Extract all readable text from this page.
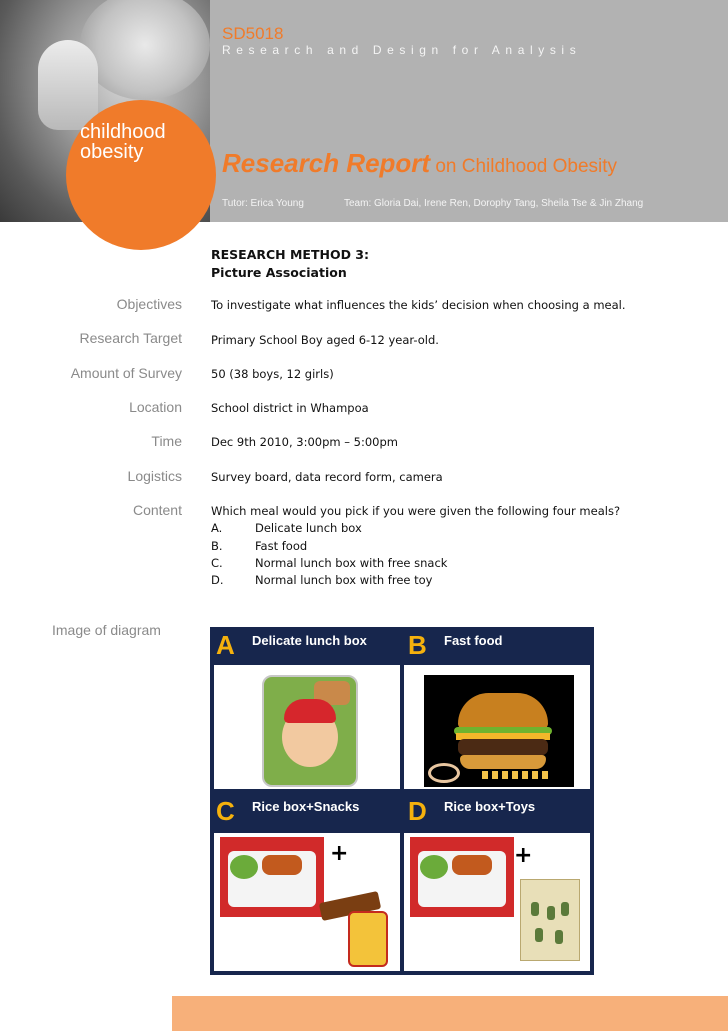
childhood
obesity
SD5018
Research and Design for Analysis
Research Report on Childhood Obesity
Tutor: Erica Young	Team: Gloria Dai, Irene Ren, Dorophy Tang, Sheila Tse & Jin Zhang
RESEARCH METHOD 3:
Picture Association
Objectives	To investigate what influences the kids’ decision when choosing a meal.
Research Target	Primary School Boy aged 6-12 year-old.
Amount of Survey	50 (38 boys, 12 girls)
Location	School district in Whampoa
Time	Dec 9th 2010, 3:00pm – 5:00pm
Logistics	Survey board, data record form, camera
Content	Which meal would you pick if you were given the following four meals?
A.	Delicate lunch box
B.	Fast food
C.	Normal lunch box with free snack
D.	Normal lunch box with free toy
Image of diagram A Delicate lunch box B Fast food
C Rice box+Snacks
+
D Rice box+Toys
+
